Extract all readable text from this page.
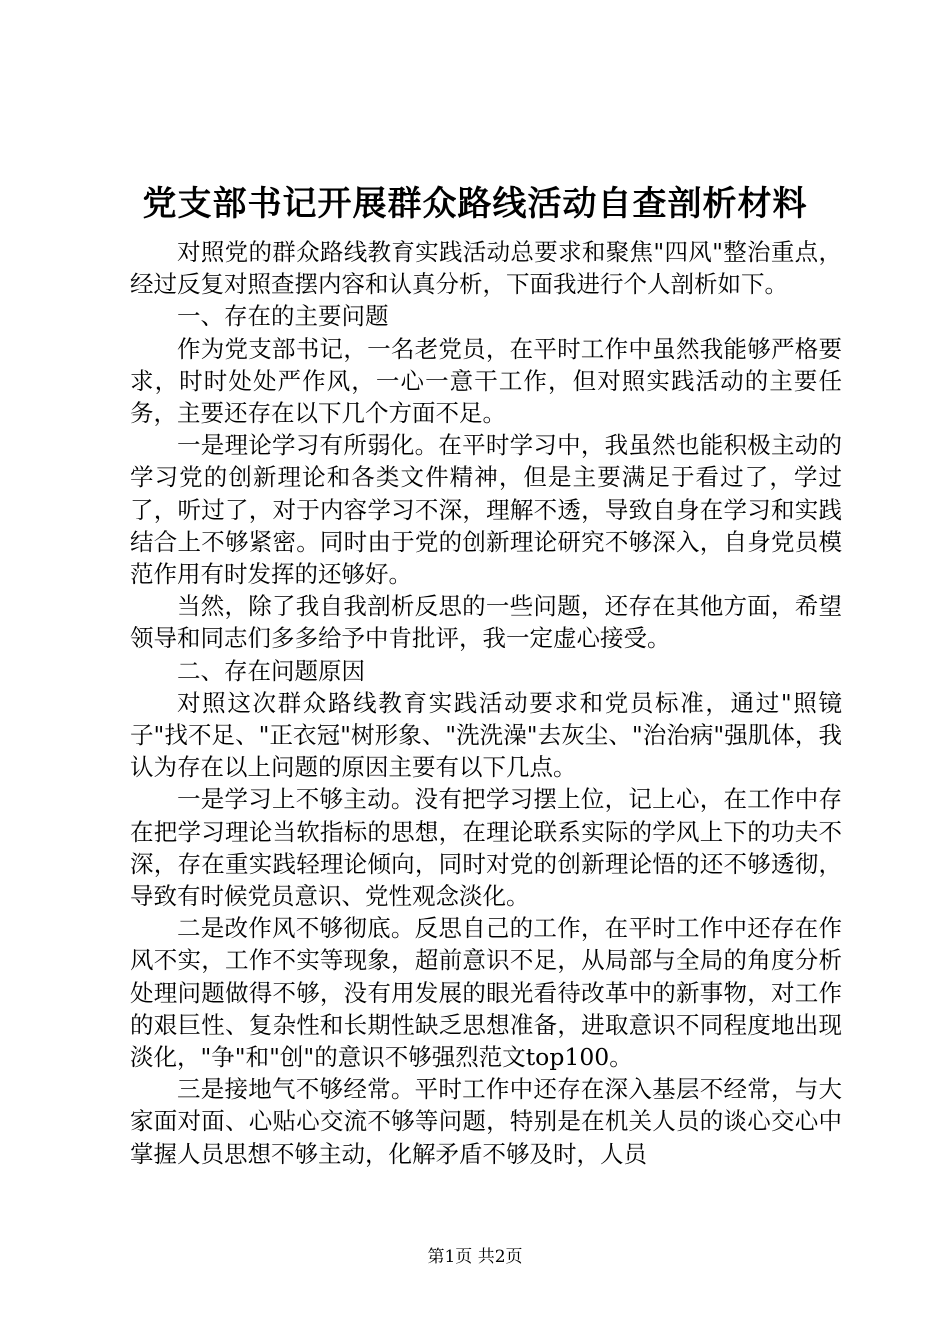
党支部书记开展群众路线活动自查剖析材料

对照党的群众路线教育实践活动总要求和聚焦"四风"整治重点，经过反复对照查摆内容和认真分析，下面我进行个人剖析如下。

一、存在的主要问题

作为党支部书记，一名老党员，在平时工作中虽然我能够严格要求，时时处处严作风，一心一意干工作，但对照实践活动的主要任务，主要还存在以下几个方面不足。

一是理论学习有所弱化。在平时学习中，我虽然也能积极主动的学习党的创新理论和各类文件精神，但是主要满足于看过了，学过了，听过了，对于内容学习不深，理解不透，导致自身在学习和实践结合上不够紧密。同时由于党的创新理论研究不够深入，自身党员模范作用有时发挥的还够好。

当然，除了我自我剖析反思的一些问题，还存在其他方面，希望领导和同志们多多给予中肯批评，我一定虚心接受。

二、存在问题原因

对照这次群众路线教育实践活动要求和党员标准，通过"照镜子"找不足、"正衣冠"树形象、"洗洗澡"去灰尘、"治治病"强肌体，我认为存在以上问题的原因主要有以下几点。

一是学习上不够主动。没有把学习摆上位，记上心，在工作中存在把学习理论当软指标的思想，在理论联系实际的学风上下的功夫不深，存在重实践轻理论倾向，同时对党的创新理论悟的还不够透彻，导致有时候党员意识、党性观念淡化。

二是改作风不够彻底。反思自己的工作，在平时工作中还存在作风不实，工作不实等现象，超前意识不足，从局部与全局的角度分析处理问题做得不够，没有用发展的眼光看待改革中的新事物，对工作的艰巨性、复杂性和长期性缺乏思想准备，进取意识不同程度地出现淡化，"争"和"创"的意识不够强烈范文top100。

三是接地气不够经常。平时工作中还存在深入基层不经常，与大家面对面、心贴心交流不够等问题，特别是在机关人员的谈心交心中掌握人员思想不够主动，化解矛盾不够及时，人员

第1页 共2页
